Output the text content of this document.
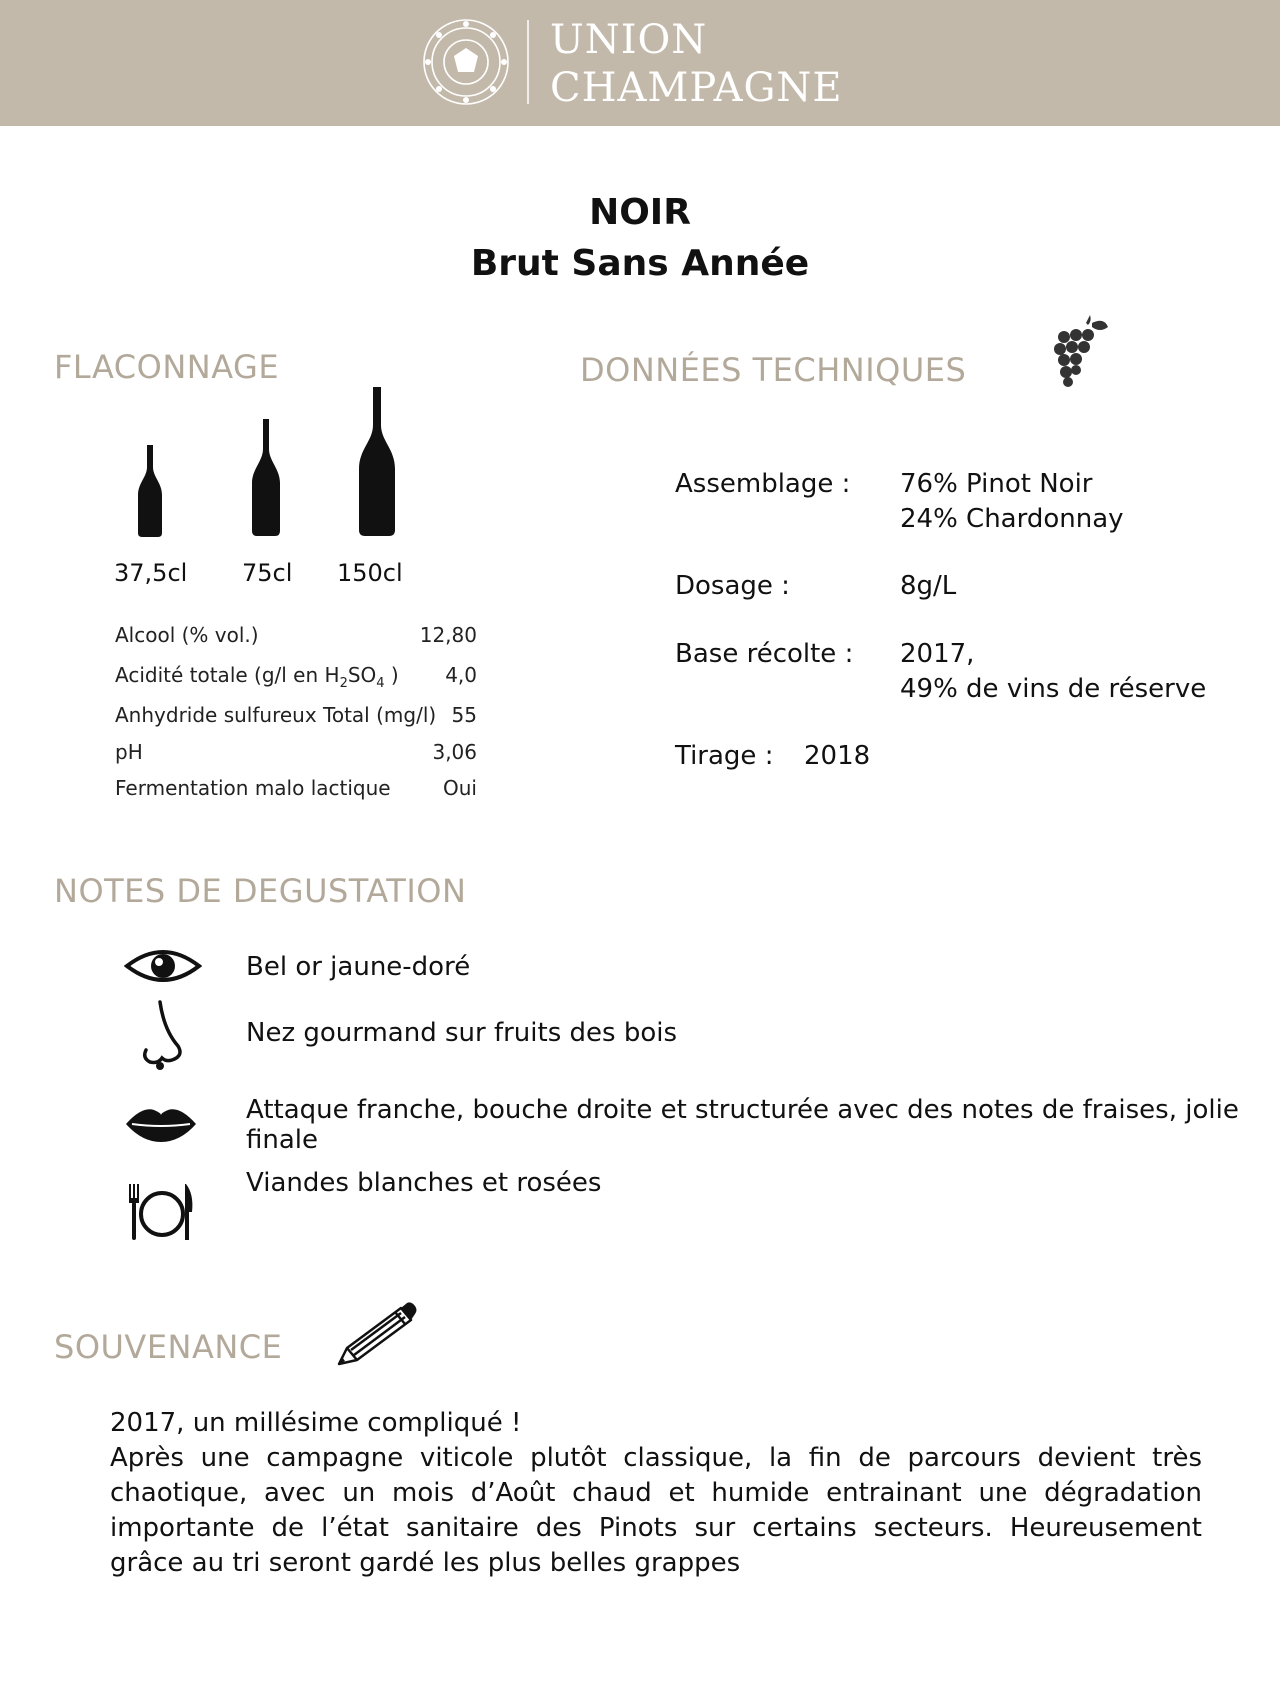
UNION
CHAMPAGNE
NOIR
Brut Sans Année
FLACONNAGE
37,5cl 75cl 150cl
Alcool (% vol.)	12,80
Acidité totale (g/l en $H_2SO_4$ )	4,0
Anhydride sulfureux Total (mg/l) 55
pH	3,06
Fermentation malo lactique	Oui
DONNÉES TECHNIQUES
Assemblage : 76% Pinot Noir
24% Chardonnay
Dosage :	8g/L
Base récolte : 2017,
49% de vins de réserve
Tirage : 2018
NOTES DE DEGUSTATION
Bel or jaune-doré
Nez gourmand sur fruits des bois
Attaque franche, bouche droite et structurée avec des notes de fraises, jolie finale
Viandes blanches et rosées
SOUVENANCE
2017, un millésime compliqué !
Après une campagne viticole plutôt classique, la fin de parcours devient très chaotique, avec un mois d’Août chaud et humide entrainant une dégradation importante de l’état sanitaire des Pinots sur certains secteurs. Heureusement grâce au tri seront gardé les plus belles grappes
